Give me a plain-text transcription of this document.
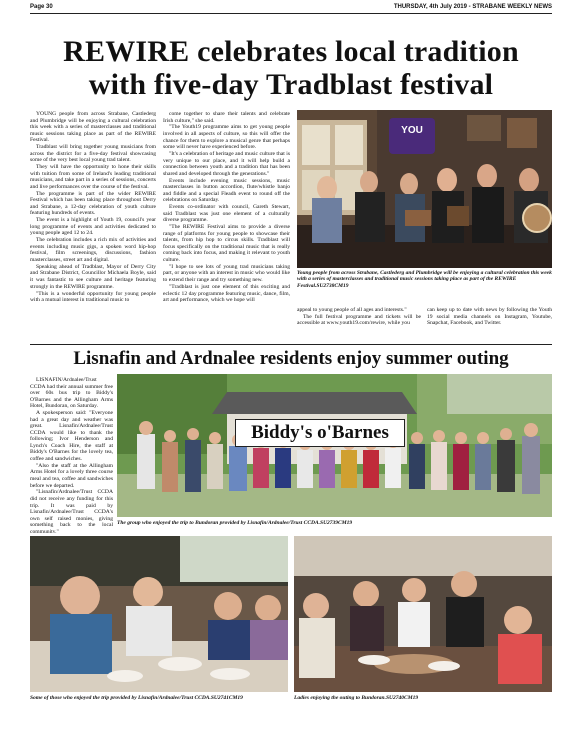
Page 30	THURSDAY, 4th July 2019 - STRABANE WEEKLY NEWS
REWIRE celebrates local tradition
with five-day Tradblast festival

YOUNG people from across Strabane, Castlederg and Plumbridge will be enjoying a cultural celebration this week with a series of masterclasses and traditional music sessions taking place as part of the REWIRE Festival.

Tradblast will bring together young musicians from across the district for a five-day festival showcasing some of the very best local young trad talent.

They will have the opportunity to hone their skills with tuition from some of Ireland's leading traditional musicians, and take part in a series of sessions, concerts and live performances over the course of the festival.

The programme is part of the wider REWIRE Festival which has been taking place throughout Derry and Strabane, a 12-day celebration of youth culture featuring hundreds of events.

The event is a highlight of Youth 19, council's year long programme of events and activities dedicated to young people aged 12 to 24.

The celebration includes a rich mix of activities and events including music gigs, a spoken word hip-hop festival, film screenings, discussions, fashion masterclasses, street art and digital.

Speaking ahead of Tradblast, Mayor of Derry City and Strabane District, Councillor Michaela Boyle, said it was fantastic to see culture and heritage featuring strongly in the REWIRE programme.

"This is a wonderful opportunity for young people with a mutual interest in traditional music to

come together to share their talents and celebrate Irish culture," she said.

"The Youth19 programme aims to get young people involved in all aspects of culture, so this will offer the chance for them to explore a musical genre that perhaps some will never have experienced before.

"It's a celebration of heritage and music culture that is very unique to our place, and it will help build a connection between youth and a tradition that has been shared and developed through the generations."

Events include evening music sessions, music masterclasses in button accordion, flute/whistle banjo and fiddle and a special Fleadh event to round off the celebrations on Saturday.

Events co-ordinator with council, Gareth Stewart, said Tradblast was just one element of a culturally diverse programme.

"The REWIRE Festival aims to provide a diverse range of platforms for young people to showcase their talents, from hip hop to circus skills. Tradblast will focus specifically on the traditional music that is really coming back into focus, and making it relevant to youth culture.

"I hope to see lots of young trad musicians taking part, or anyone with an interest in music who would like to extend their range and try something new.

"Tradblast is just one element of this exciting and eclectic 12 day programme featuring music, dance, film, art and performance, which we hope will

YOU
Young people from across Strabane, Castlederg and Plumbridge will be enjoying a cultural celebration this week with a series of masterclasses and traditional music sessions taking place as part of the REWIRE Festival.SU2738CM19

appeal to young people of all ages and interests."

The full festival programme and tickets will be accessible at www.youth19.com/rewire, while you

can keep up to date with news by following the Youth 19 social media channels on Instagram, Youtube, Snapchat, Facebook, and Twitter.

Lisnafin and Ardnalee residents enjoy summer outing

LISNAFIN/Ardnalee/Trust CCDA had their annual summer free over 60s bus trip to Biddy's O'Barnes and the Allingham Arms Hotel, Bundoran, on Saturday.

A spokesperson said: "Everyone had a great day and weather was great. Lisnafin/Ardnalee/Trust CCDA would like to thank the following; Ivor Henderson and Lynch's Coach Hire, the staff at Biddy's O'Barnes for the lovely tea, coffee and sandwiches.

"Also the staff at the Allingham Arms Hotel for a lovely three course meal and tea, coffee and sandwiches before we departed.

"Lisnafin/Ardnalee/Trust CCDA did not receive any funding for this trip. It was paid by Lisnafin/Ardnalee/Trust CCDA's own self raised monies, giving something back to the local community."

Biddy's o'Barnes
The group who enjoyed the trip to Bundoran provided by Lisnafin/Ardnalee/Trust CCDA.SU2739CM19
Some of those who enjoyed the trip provided by Lisnafin/Ardnalee/Trust CCDA.SU2741CM19	Ladies enjoying the outing to Bundoran.SU2740CM19
